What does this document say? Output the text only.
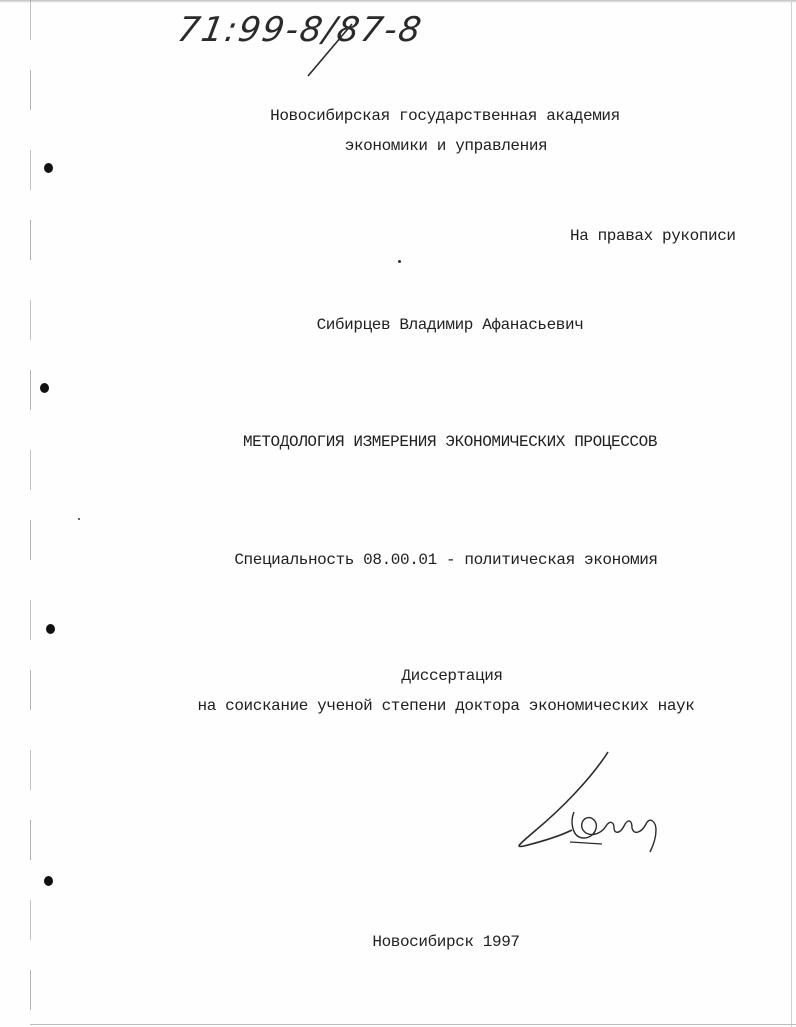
71:99-8/87-8
Новосибирская государственная академия
экономики и управления
На правах рукописи
Сибирцев Владимир Афанасьевич
МЕТОДОЛОГИЯ ИЗМЕРЕНИЯ ЭКОНОМИЧЕСКИХ ПРОЦЕССОВ
Специальность 08.00.01 - политическая экономия
Диссертация
на соискание ученой степени доктора экономических наук
Новосибирск 1997
